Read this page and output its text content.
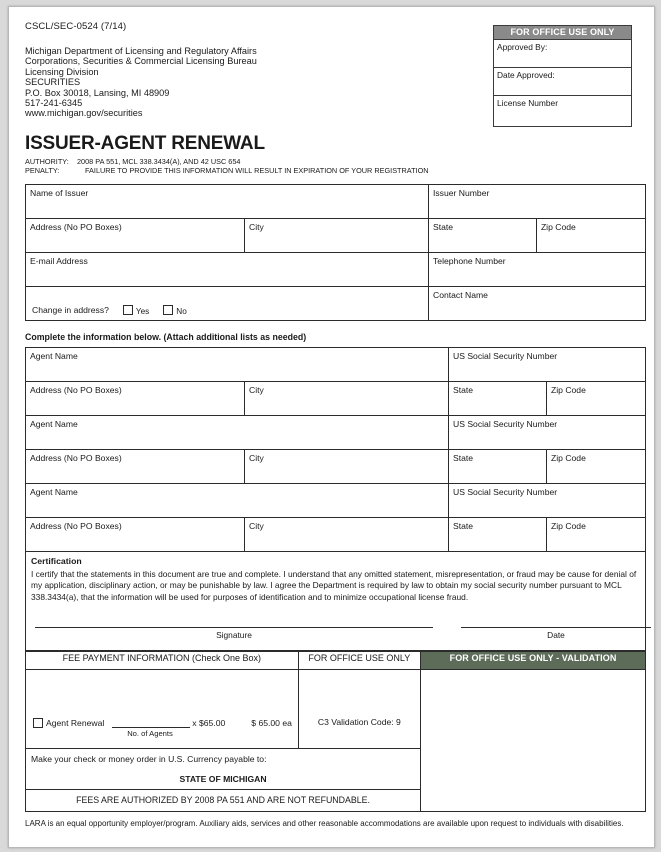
CSCL/SEC-0524 (7/14)
Michigan Department of Licensing and Regulatory Affairs
Corporations, Securities & Commercial Licensing Bureau
Licensing Division
SECURITIES
P.O. Box 30018, Lansing, MI 48909
517-241-6345
www.michigan.gov/securities
ISSUER-AGENT RENEWAL
AUTHORITY:	2008 PA 551, MCL 338.3434(A), AND 42 USC 654
PENALTY:	FAILURE TO PROVIDE THIS INFORMATION WILL RESULT IN EXPIRATION OF YOUR REGISTRATION
Name of Issuer		Issuer Number	
Address (No PO Boxes)	City	State	Zip Code
E-mail Address		Telephone Number	

Change in address? Yes No		Contact Name	
Complete the information below. (Attach additional lists as needed)
Agent Name		US Social Security Number	
Address (No PO Boxes)	City	State	Zip Code
Agent Name		US Social Security Number	
Address (No PO Boxes)	City	State	Zip Code
Agent Name		US Social Security Number	
Address (No PO Boxes)	City	State	Zip Code
Certification

I certify that the statements in this document are true and complete. I understand that any omitted statement, misrepresentation, or fraud may be cause for denial of my application, disciplinary action, or may be punishable by law. I agree the Department is required by law to obtain my social security number pursuant to MCL 338.3434(a), that the information will be used for purposes of identification and to minimize occupational license fraud.

Signature	Date
FEE PAYMENT INFORMATION (Check One Box)	FOR OFFICE USE ONLY	FOR OFFICE USE ONLY - VALIDATION

Agent Renewal x $65.00 $ 65.00 ea
No. of Agents	C3 Validation Code: 9	

Make your check or money order in U.S. Currency payable to:
STATE OF MICHIGAN		

FEES ARE AUTHORIZED BY 2008 PA 551 AND ARE NOT REFUNDABLE.		
LARA is an equal opportunity employer/program. Auxiliary aids, services and other reasonable accommodations are available upon request to individuals with disabilities.
FOR OFFICE USE ONLY
Approved By:
Date Approved:
License Number
